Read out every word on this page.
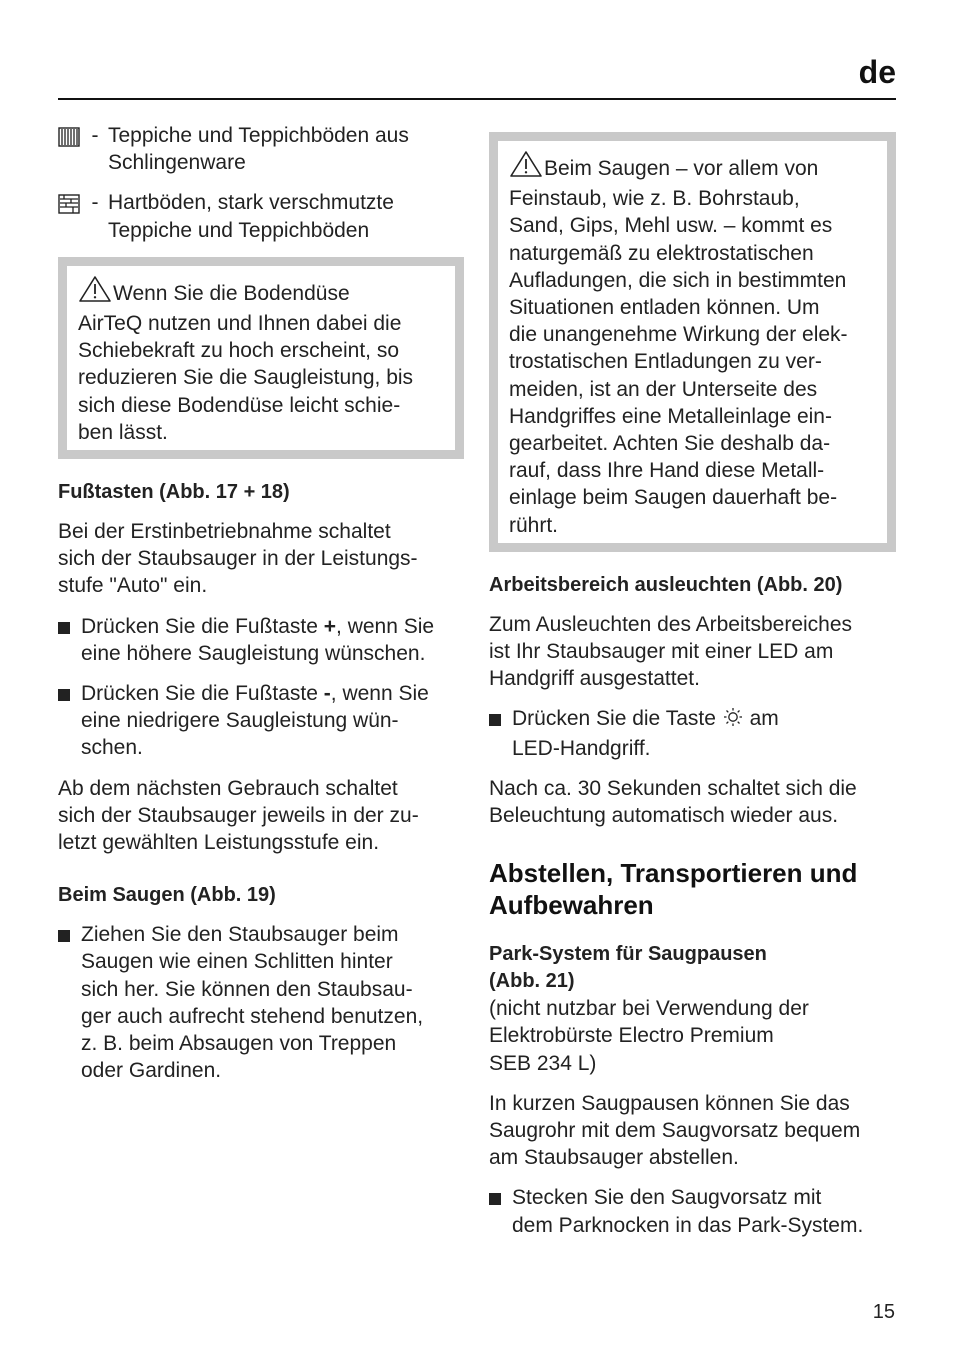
de
- Teppiche und Teppichböden aus Schlingenware
- Hartböden, stark verschmutzte Teppiche und Teppichböden

Wenn Sie die Bodendüse
AirTeQ nutzen und Ihnen dabei die
Schiebekraft zu hoch erscheint, so
reduzieren Sie die Saugleistung, bis
sich diese Bodendüse leicht schie-
ben lässt.

Fußtasten (Abb. 17 + 18)

Bei der Erstinbetriebnahme schaltet
sich der Staubsauger in der Leistungs-
stufe "Auto" ein.

Drücken Sie die Fußtaste +, wenn Sie
eine höhere Saugleistung wünschen.
Drücken Sie die Fußtaste -, wenn Sie
eine niedrigere Saugleistung wün-
schen.

Ab dem nächsten Gebrauch schaltet
sich der Staubsauger jeweils in der zu-
letzt gewählten Leistungsstufe ein.

Beim Saugen (Abb. 19)
Ziehen Sie den Staubsauger beim
Saugen wie einen Schlitten hinter
sich her. Sie können den Staubsau-
ger auch aufrecht stehend benutzen,
z. B. beim Absaugen von Treppen
oder Gardinen.

Beim Saugen – vor allem von
Feinstaub, wie z. B. Bohrstaub,
Sand, Gips, Mehl usw. – kommt es
naturgemäß zu elektrostatischen
Aufladungen, die sich in bestimmten
Situationen entladen können. Um
die unangenehme Wirkung der elek-
trostatischen Entladungen zu ver-
meiden, ist an der Unterseite des
Handgriffes eine Metalleinlage ein-
gearbeitet. Achten Sie deshalb da-
rauf, dass Ihre Hand diese Metall-
einlage beim Saugen dauerhaft be-
rührt.

Arbeitsbereich ausleuchten (Abb. 20)

Zum Ausleuchten des Arbeitsbereiches
ist Ihr Staubsauger mit einer LED am
Handgriff ausgestattet.

Drücken Sie die Taste  am
LED-Handgriff.

Nach ca. 30 Sekunden schaltet sich die
Beleuchtung automatisch wieder aus.

Abstellen, Transportieren und
Aufbewahren
Park-System für Saugpausen
(Abb. 21)

(nicht nutzbar bei Verwendung der
Elektrobürste Electro Premium
SEB 234 L)

In kurzen Saugpausen können Sie das
Saugrohr mit dem Saugvorsatz bequem
am Staubsauger abstellen.

Stecken Sie den Saugvorsatz mit
dem Parknocken in das Park-System.
15
